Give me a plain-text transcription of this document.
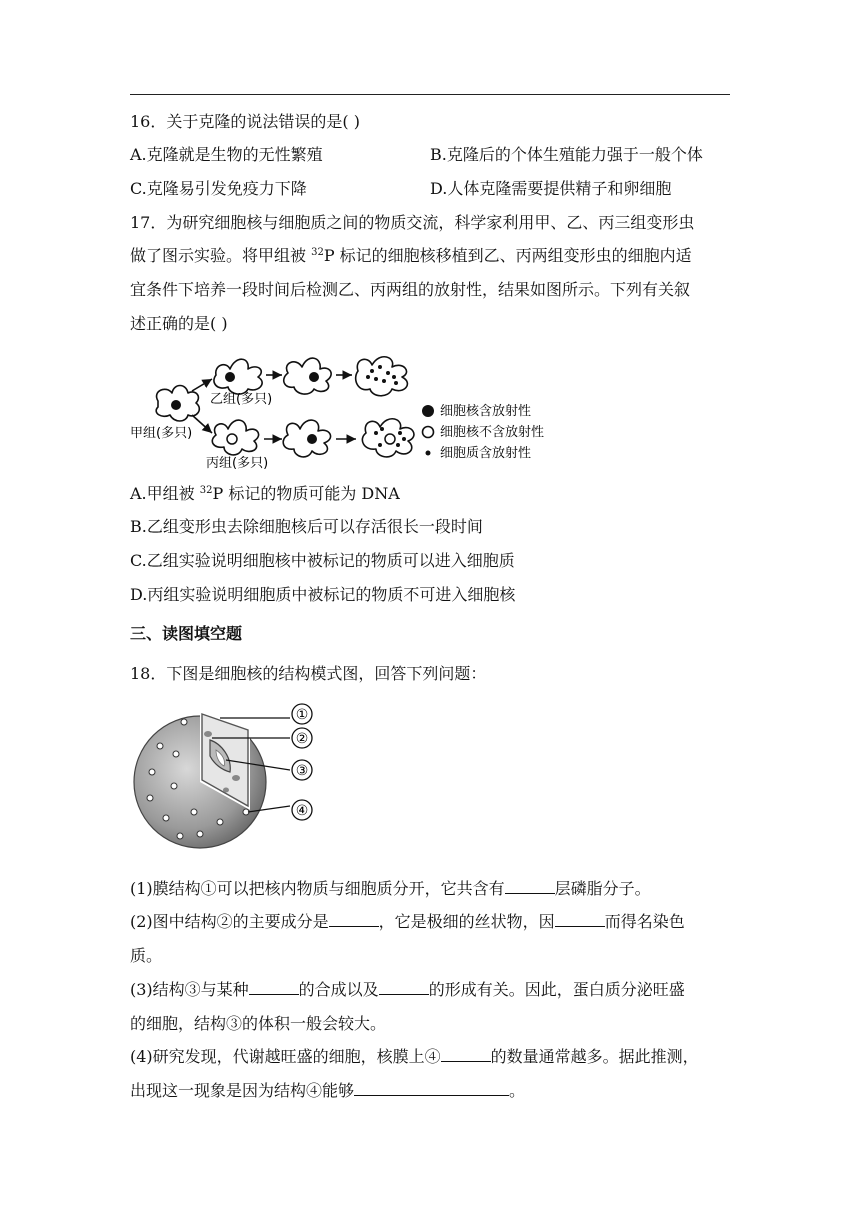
16．关于克隆的说法错误的是( )
A.克隆就是生物的无性繁殖	B.克隆后的个体生殖能力强于一般个体
C.克隆易引发免疫力下降	D.人体克隆需要提供精子和卵细胞
17．为研究细胞核与细胞质之间的物质交流，科学家利用甲、乙、丙三组变形虫
做了图示实验。将甲组被 $^{32}$P 标记的细胞核移植到乙、丙两组变形虫的细胞内适
宜条件下培养一段时间后检测乙、丙两组的放射性，结果如图所示。下列有关叙
述正确的是( )
乙组(多只)
甲组(多只)
丙组(多只)
细胞核含放射性
细胞核不含放射性
细胞质含放射性
A.甲组被 $^{32}$P 标记的物质可能为 DNA
B.乙组变形虫去除细胞核后可以存活很长一段时间
C.乙组实验说明细胞核中被标记的物质可以进入细胞质
D.丙组实验说明细胞质中被标记的物质不可进入细胞核
三、读图填空题
18．下图是细胞核的结构模式图，回答下列问题：
①
②
③
④
(1)膜结构①可以把核内物质与细胞质分开，它共含有	层磷脂分子。
(2)图中结构②的主要成分是	，它是极细的丝状物，因	而得名染色
质。
(3)结构③与某种	的合成以及	的形成有关。因此，蛋白质分泌旺盛
的细胞，结构③的体积一般会较大。
(4)研究发现，代谢越旺盛的细胞，核膜上④	的数量通常越多。据此推测，
出现这一现象是因为结构④能够	。
